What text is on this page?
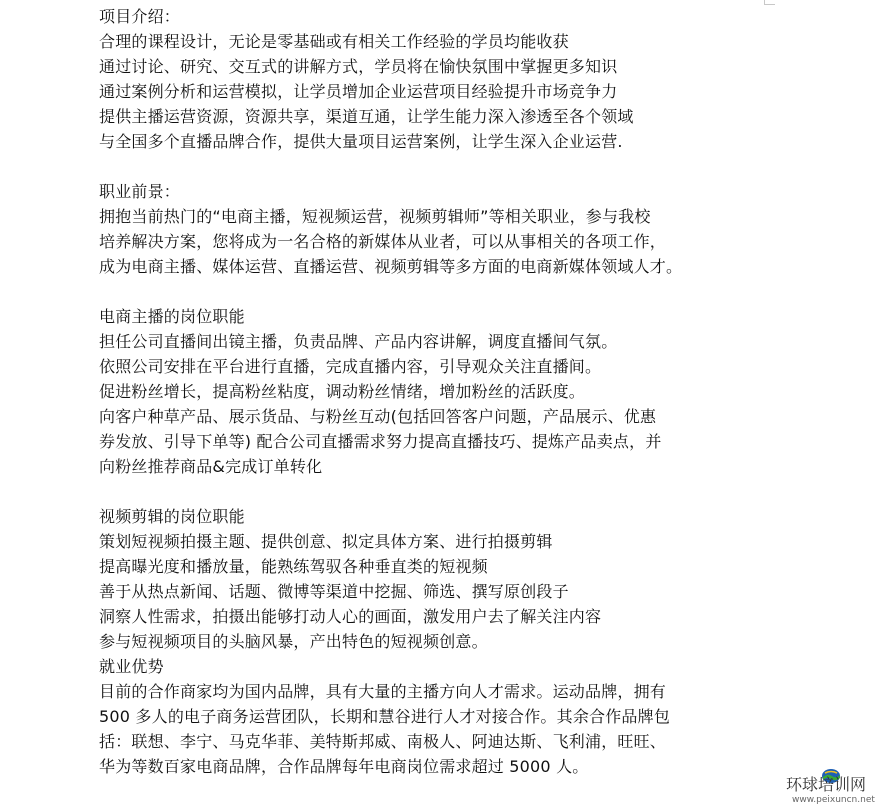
项目介绍：
合理的课程设计，无论是零基础或有相关工作经验的学员均能收获
通过讨论、研究、交互式的讲解方式，学员将在愉快氛围中掌握更多知识
通过案例分析和运营模拟，让学员增加企业运营项目经验提升市场竞争力
提供主播运营资源，资源共享，渠道互通，让学生能力深入渗透至各个领域
与全国多个直播品牌合作，提供大量项目运营案例，让学生深入企业运营.
职业前景：
拥抱当前热门的“电商主播，短视频运营，视频剪辑师”等相关职业，参与我校
培养解决方案，您将成为一名合格的新媒体从业者，可以从事相关的各项工作，
成为电商主播、媒体运营、直播运营、视频剪辑等多方面的电商新媒体领域人才。
电商主播的岗位职能
担任公司直播间出镜主播，负责品牌、产品内容讲解，调度直播间气氛。
依照公司安排在平台进行直播，完成直播内容，引导观众关注直播间。
促进粉丝增长，提高粉丝粘度，调动粉丝情绪，增加粉丝的活跃度。
向客户种草产品、展示货品、与粉丝互动(包括回答客户问题，产品展示、优惠
券发放、引导下单等) 配合公司直播需求努力提高直播技巧、提炼产品卖点，并
向粉丝推荐商品&完成订单转化
视频剪辑的岗位职能
策划短视频拍摄主题、提供创意、拟定具体方案、进行拍摄剪辑
提高曝光度和播放量，能熟练驾驭各种垂直类的短视频
善于从热点新闻、话题、微博等渠道中挖掘、筛选、撰写原创段子
洞察人性需求，拍摄出能够打动人心的画面，激发用户去了解关注内容
参与短视频项目的头脑风暴，产出特色的短视频创意。
就业优势
目前的合作商家均为国内品牌，具有大量的主播方向人才需求。运动品牌，拥有
500 多人的电子商务运营团队，长期和慧谷进行人才对接合作。其余合作品牌包
括：联想、李宁、马克华菲、美特斯邦威、南极人、阿迪达斯、飞利浦，旺旺、
华为等数百家电商品牌，合作品牌每年电商岗位需求超过 5000 人。
环球培训网
www.peixuncn.net
